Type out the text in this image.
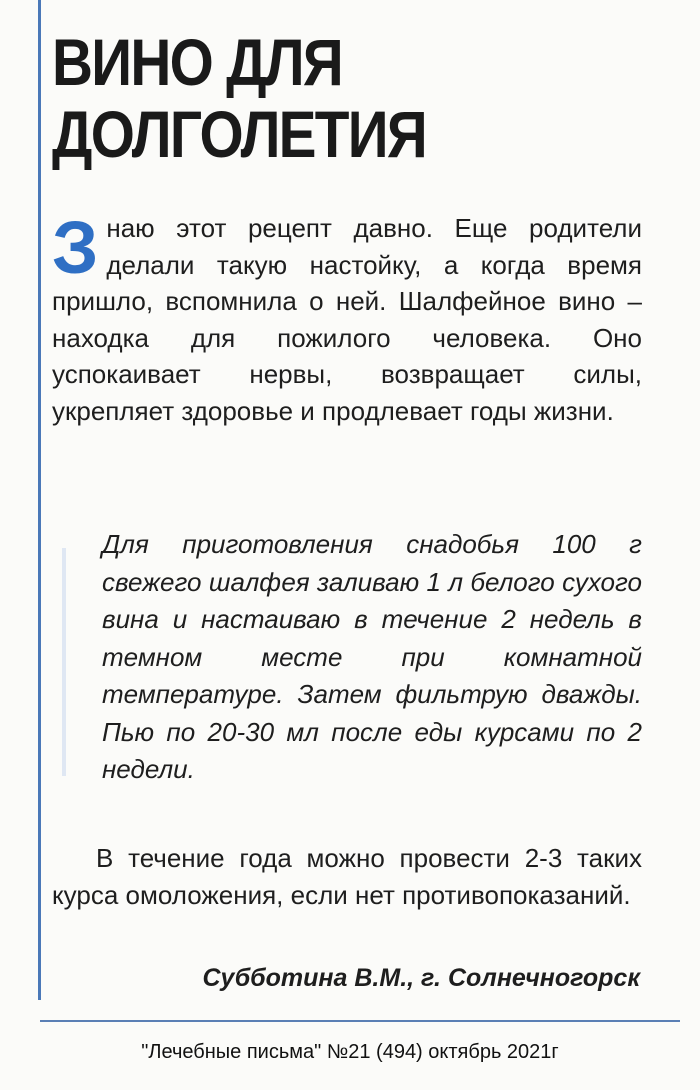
ВИНО ДЛЯ
ДОЛГОЛЕТИЯ

Знаю этот рецепт давно. Еще родители делали такую настойку, а когда время пришло, вспомнила о ней. Шалфейное вино – находка для пожилого человека. Оно успокаивает нервы, возвращает силы, укрепляет здоровье и продлевает годы жизни.

Для приготовления снадобья 100 г свежего шалфея заливаю 1 л белого сухого вина и настаиваю в течение 2 недель в темном месте при комнатной температуре. Затем фильтрую дважды. Пью по 20-30 мл после еды курсами по 2 недели.

В течение года можно провести 2-3 таких курса омоложения, если нет противопоказаний.

Субботина В.М., г. Солнечногорск

"Лечебные письма" №21 (494) октябрь 2021г
